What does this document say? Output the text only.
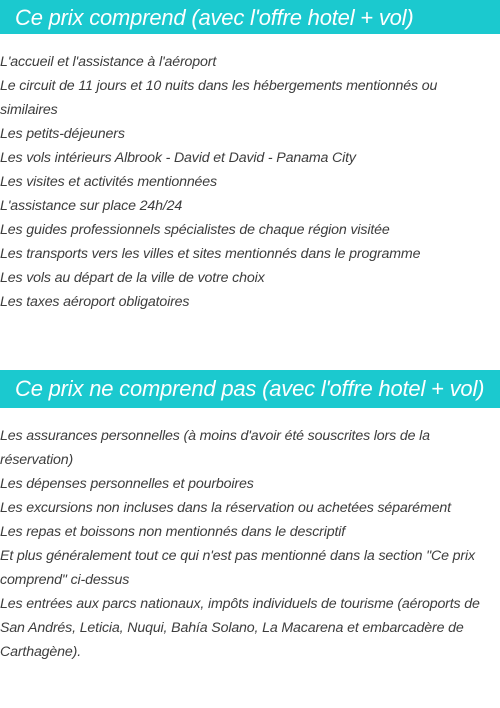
Ce prix comprend (avec l'offre hotel + vol)
L'accueil et l'assistance à l'aéroport
Le circuit de 11 jours et 10 nuits dans les hébergements mentionnés ou similaires
Les petits-déjeuners
Les vols intérieurs Albrook - David et David - Panama City
Les visites et activités mentionnées
L'assistance sur place 24h/24
Les guides professionnels spécialistes de chaque région visitée
Les transports vers les villes et sites mentionnés dans le programme
Les vols au départ de la ville de votre choix
Les taxes aéroport obligatoires
Ce prix ne comprend pas (avec l'offre hotel + vol)
Les assurances personnelles (à moins d'avoir été souscrites lors de la réservation)
Les dépenses personnelles et pourboires
Les excursions non incluses dans la réservation ou achetées séparément
Les repas et boissons non mentionnés dans le descriptif
Et plus généralement tout ce qui n'est pas mentionné dans la section "Ce prix comprend" ci-dessus
Les entrées aux parcs nationaux, impôts individuels de tourisme (aéroports de San Andrés, Leticia, Nuqui, Bahía Solano, La Macarena et embarcadère de Carthagène).
